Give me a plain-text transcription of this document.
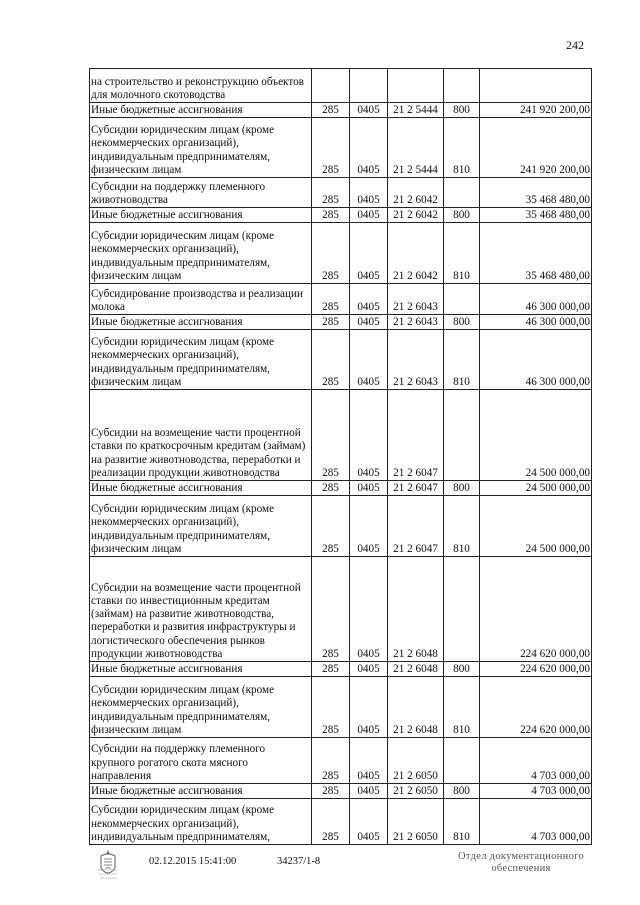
242
на строительство и реконструкцию объектов для молочного скотоводства					
Иные бюджетные ассигнования	285	0405	21 2 5444	800	241 920 200,00
Субсидии юридическим лицам (кроме некоммерческих организаций), индивидуальным предпринимателям, физическим лицам	285	0405	21 2 5444	810	241 920 200,00
Субсидии на поддержку племенного животноводства	285	0405	21 2 6042		35 468 480,00
Иные бюджетные ассигнования	285	0405	21 2 6042	800	35 468 480,00
Субсидии юридическим лицам (кроме некоммерческих организаций), индивидуальным предпринимателям, физическим лицам	285	0405	21 2 6042	810	35 468 480,00
Субсидирование производства и реализации молока	285	0405	21 2 6043		46 300 000,00
Иные бюджетные ассигнования	285	0405	21 2 6043	800	46 300 000,00
Субсидии юридическим лицам (кроме некоммерческих организаций), индивидуальным предпринимателям, физическим лицам	285	0405	21 2 6043	810	46 300 000,00
Субсидии на возмещение части процентной ставки по краткосрочным кредитам (займам) на развитие животноводства, переработки и реализации продукции животноводства	285	0405	21 2 6047		24 500 000,00
Иные бюджетные ассигнования	285	0405	21 2 6047	800	24 500 000,00
Субсидии юридическим лицам (кроме некоммерческих организаций), индивидуальным предпринимателям, физическим лицам	285	0405	21 2 6047	810	24 500 000,00
Субсидии на возмещение части процентной ставки по инвестиционным кредитам (займам) на развитие животноводства, переработки и развития инфраструктуры и логистического обеспечения рынков продукции животноводства	285	0405	21 2 6048		224 620 000,00
Иные бюджетные ассигнования	285	0405	21 2 6048	800	224 620 000,00
Субсидии юридическим лицам (кроме некоммерческих организаций), индивидуальным предпринимателям, физическим лицам	285	0405	21 2 6048	810	224 620 000,00
Субсидии на поддержку племенного крупного рогатого скота мясного направления	285	0405	21 2 6050		4 703 000,00
Иные бюджетные ассигнования	285	0405	21 2 6050	800	4 703 000,00
Субсидии юридическим лицам (кроме некоммерческих организаций), индивидуальным предпринимателям,	285	0405	21 2 6050	810	4 703 000,00
02.12.2015 15:41:00	34237/1-8	Отдел документационного
обеспечения
